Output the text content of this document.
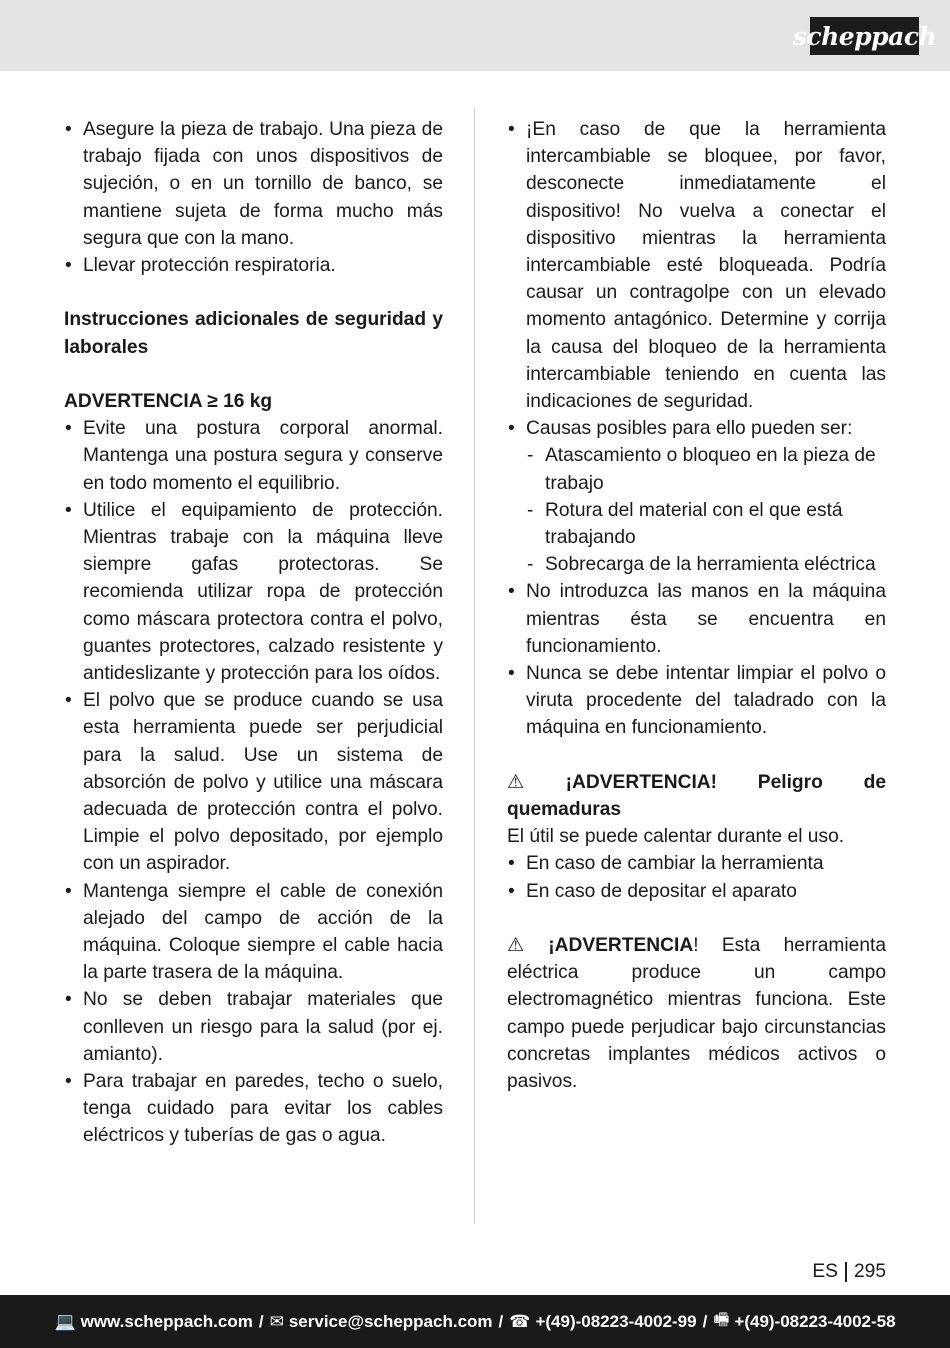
scheppach
• Asegure la pieza de trabajo. Una pieza de trabajo fijada con unos dispositivos de sujeción, o en un tornillo de banco, se mantiene sujeta de forma mucho más segura que con la mano.
• Llevar protección respiratoria.

Instrucciones adicionales de seguridad y laborales

ADVERTENCIA ≥ 16 kg

• Evite una postura corporal anormal. Mantenga una postura segura y conserve en todo momento el equilibrio.
• Utilice el equipamiento de protección. Mientras trabaje con la máquina lleve siempre gafas protectoras. Se recomienda utilizar ropa de protección como máscara protectora contra el polvo, guantes protectores, calzado resistente y antideslizante y protección para los oídos.
• El polvo que se produce cuando se usa esta herramienta puede ser perjudicial para la salud. Use un sistema de absorción de polvo y utilice una máscara adecuada de protección contra el polvo. Limpie el polvo depositado, por ejemplo con un aspirador.
• Mantenga siempre el cable de conexión alejado del campo de acción de la máquina. Coloque siempre el cable hacia la parte trasera de la máquina.
• No se deben trabajar materiales que conlleven un riesgo para la salud (por ej. amianto).
• Para trabajar en paredes, techo o suelo, tenga cuidado para evitar los cables eléctricos y tuberías de gas o agua.
• ¡En caso de que la herramienta intercambiable se bloquee, por favor, desconecte inmediatamente el dispositivo! No vuelva a conectar el dispositivo mientras la herramienta intercambiable esté bloqueada. Podría causar un contragolpe con un elevado momento antagónico. Determine y corrija la causa del bloqueo de la herramienta intercambiable teniendo en cuenta las indicaciones de seguridad.
• Causas posibles para ello pueden ser:
- Atascamiento o bloqueo en la pieza de trabajo
- Rotura del material con el que está trabajando
- Sobrecarga de la herramienta eléctrica
• No introduzca las manos en la máquina mientras ésta se encuentra en funcionamiento.
• Nunca se debe intentar limpiar el polvo o viruta procedente del taladrado con la máquina en funcionamiento.

⚠ ¡ADVERTENCIA! Peligro de quemaduras

El útil se puede calentar durante el uso.

• En caso de cambiar la herramienta
• En caso de depositar el aparato

⚠ ¡ADVERTENCIA! Esta herramienta eléctrica produce un campo electromagnético mientras funciona. Este campo puede perjudicar bajo circunstancias concretas implantes médicos activos o pasivos.

ES 295
💻 www.scheppach.com / ✉ service@scheppach.com / ☎ +(49)-08223-4002-99 / 🖷 +(49)-08223-4002-58
